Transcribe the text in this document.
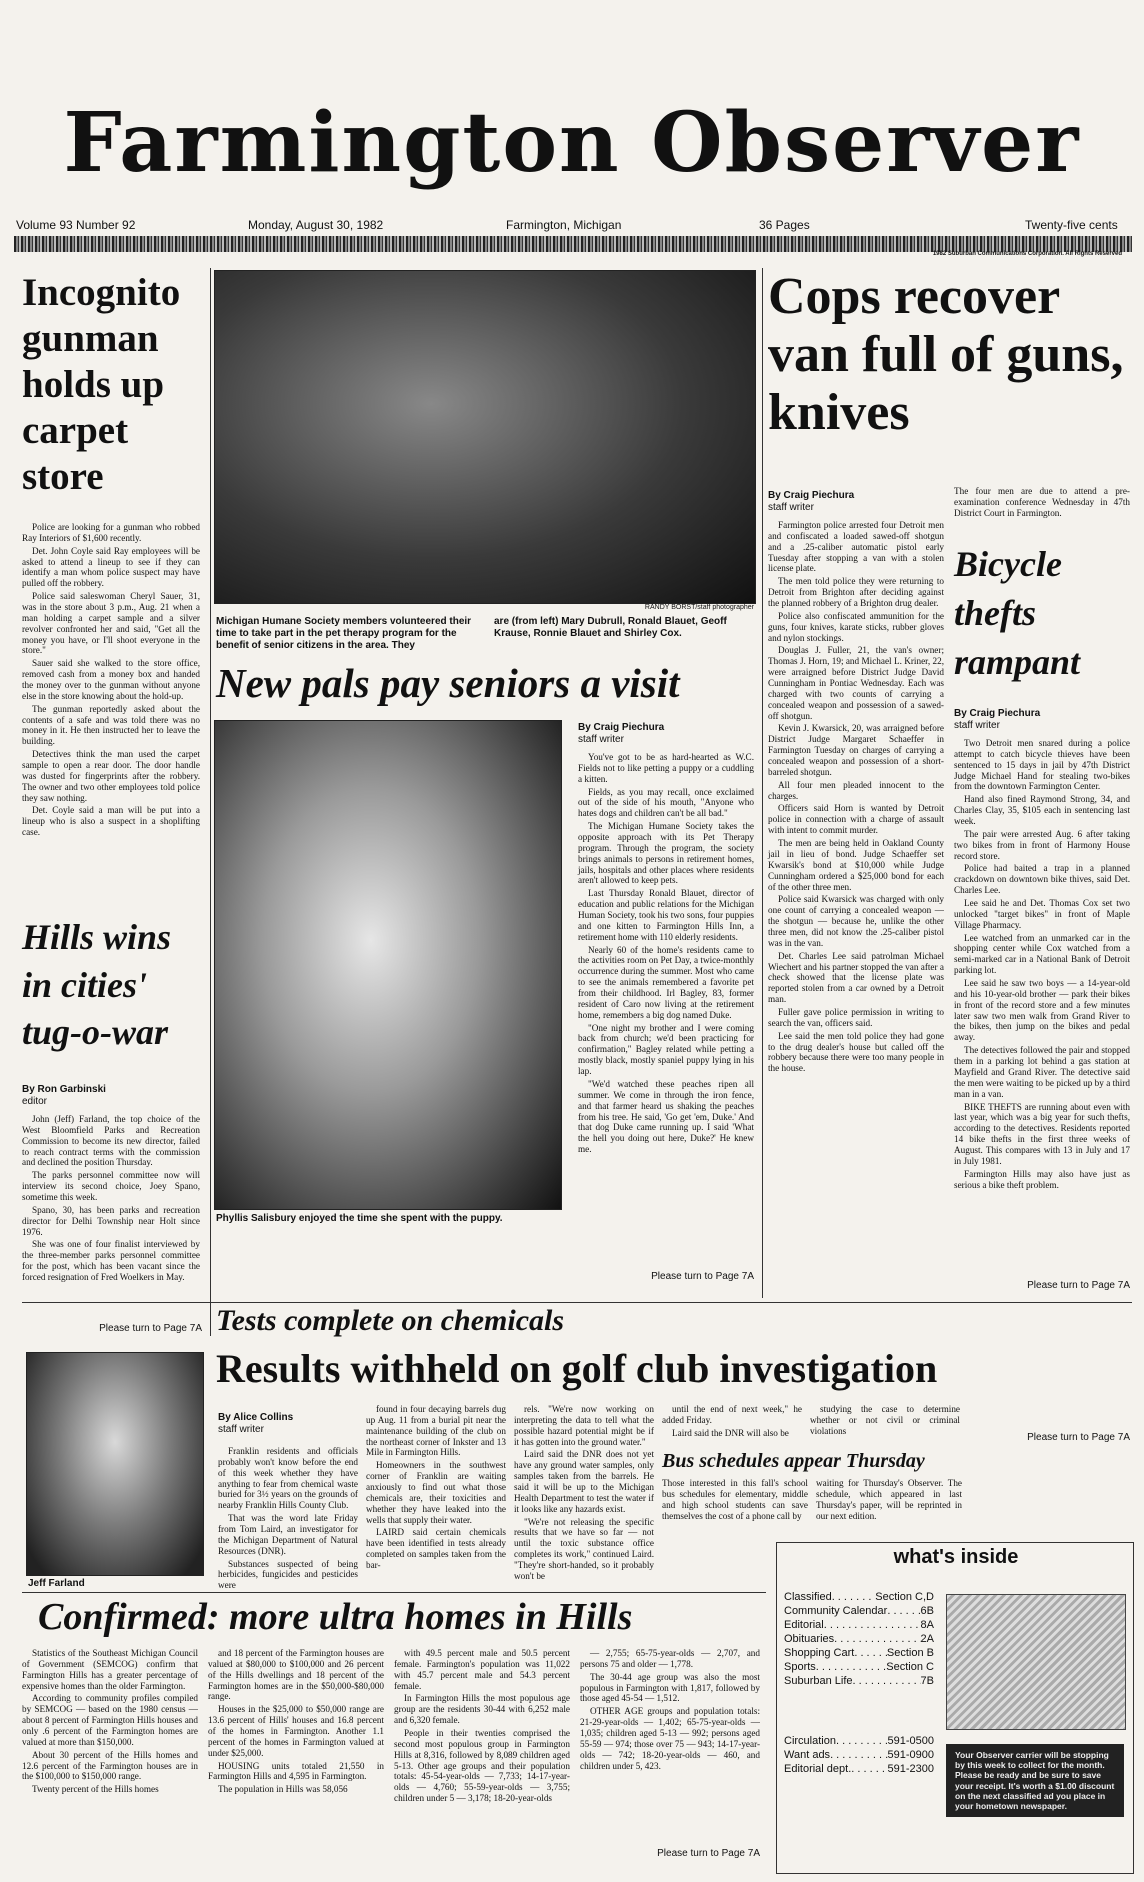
Farmington Observer
Volume 93 Number 92	Monday, August 30, 1982	Farmington, Michigan	36 Pages	Twenty-five cents
1982 Suburban Communications Corporation. All Rights Reserved
Incognito gunman holds up carpet store

Police are looking for a gunman who robbed Ray Interiors of $1,600 recently.

Det. John Coyle said Ray employees will be asked to attend a lineup to see if they can identify a man whom police suspect may have pulled off the robbery.

Police said saleswoman Cheryl Sauer, 31, was in the store about 3 p.m., Aug. 21 when a man holding a carpet sample and a silver revolver confronted her and said, "Get all the money you have, or I'll shoot everyone in the store."

Sauer said she walked to the store office, removed cash from a money box and handed the money over to the gunman without anyone else in the store knowing about the hold-up.

The gunman reportedly asked about the contents of a safe and was told there was no money in it. He then instructed her to leave the building.

Detectives think the man used the carpet sample to open a rear door. The door handle was dusted for fingerprints after the robbery. The owner and two other employees told police they saw nothing.

Det. Coyle said a man will be put into a lineup who is also a suspect in a shoplifting case.

Hills wins in cities' tug-o-war
By Ron Garbinski
editor

John (Jeff) Farland, the top choice of the West Bloomfield Parks and Recreation Commission to become its new director, failed to reach contract terms with the commission and declined the position Thursday.

The parks personnel committee now will interview its second choice, Joey Spano, sometime this week.

Spano, 30, has been parks and recreation director for Delhi Township near Holt since 1976.

She was one of four finalist interviewed by the three-member parks personnel committee for the post, which has been vacant since the forced resignation of Fred Woelkers in May.

Please turn to Page 7A
RANDY BORST/staff photographer
Michigan Humane Society members volunteered their time to take part in the pet therapy program for the benefit of senior citizens in the area. They
are (from left) Mary Dubrull, Ronald Blauet, Geoff Krause, Ronnie Blauet and Shirley Cox.
New pals pay seniors a visit
Phyllis Salisbury enjoyed the time she spent with the puppy.
By Craig Piechura
staff writer

You've got to be as hard-hearted as W.C. Fields not to like petting a puppy or a cuddling a kitten.

Fields, as you may recall, once exclaimed out of the side of his mouth, "Anyone who hates dogs and children can't be all bad."

The Michigan Humane Society takes the opposite approach with its Pet Therapy program. Through the program, the society brings animals to persons in retirement homes, jails, hospitals and other places where residents aren't allowed to keep pets.

Last Thursday Ronald Blauet, director of education and public relations for the Michigan Human Society, took his two sons, four puppies and one kitten to Farmington Hills Inn, a retirement home with 110 elderly residents.

Nearly 60 of the home's residents came to the activities room on Pet Day, a twice-monthly occurrence during the summer. Most who came to see the animals remembered a favorite pet from their childhood. Irl Bagley, 83, former resident of Caro now living at the retirement home, remembers a big dog named Duke.

"One night my brother and I were coming back from church; we'd been practicing for confirmation," Bagley related while petting a mostly black, mostly spaniel puppy lying in his lap.

"We'd watched these peaches ripen all summer. We come in through the iron fence, and that farmer heard us shaking the peaches from his tree. He said, 'Go get 'em, Duke.' And that dog Duke came running up. I said 'What the hell you doing out here, Duke?' He knew me.

Please turn to Page 7A
Cops recover van full of guns, knives
By Craig Piechura
staff writer

Farmington police arrested four Detroit men and confiscated a loaded sawed-off shotgun and a .25-caliber automatic pistol early Tuesday after stopping a van with a stolen license plate.

The men told police they were returning to Detroit from Brighton after deciding against the planned robbery of a Brighton drug dealer.

Police also confiscated ammunition for the guns, four knives, karate sticks, rubber gloves and nylon stockings.

Douglas J. Fuller, 21, the van's owner; Thomas J. Horn, 19; and Michael L. Kriner, 22, were arraigned before District Judge David Cunningham in Pontiac Wednesday. Each was charged with two counts of carrying a concealed weapon and possession of a sawed-off shotgun.

Kevin J. Kwarsick, 20, was arraigned before District Judge Margaret Schaeffer in Farmington Tuesday on charges of carrying a concealed weapon and possession of a short-barreled shotgun.

All four men pleaded innocent to the charges.

Officers said Horn is wanted by Detroit police in connection with a charge of assault with intent to commit murder.

The men are being held in Oakland County jail in lieu of bond. Judge Schaeffer set Kwarsik's bond at $10,000 while Judge Cunningham ordered a $25,000 bond for each of the other three men.

Police said Kwarsick was charged with only one count of carrying a concealed weapon — the shotgun — because he, unlike the other three men, did not know the .25-caliber pistol was in the van.

Det. Charles Lee said patrolman Michael Wiechert and his partner stopped the van after a check showed that the license plate was reported stolen from a car owned by a Detroit man.

Fuller gave police permission in writing to search the van, officers said.

Lee said the men told police they had gone to the drug dealer's house but called off the robbery because there were too many people in the house.

The four men are due to attend a pre-examination conference Wednesday in 47th District Court in Farmington.
Bicycle thefts rampant
By Craig Piechura
staff writer

Two Detroit men snared during a police attempt to catch bicycle thieves have been sentenced to 15 days in jail by 47th District Judge Michael Hand for stealing two-bikes from the downtown Farmington Center.

Hand also fined Raymond Strong, 34, and Charles Clay, 35, $105 each in sentencing last week.

The pair were arrested Aug. 6 after taking two bikes from in front of Harmony House record store.

Police had baited a trap in a planned crackdown on downtown bike thives, said Det. Charles Lee.

Lee said he and Det. Thomas Cox set two unlocked "target bikes" in front of Maple Village Pharmacy.

Lee watched from an unmarked car in the shopping center while Cox watched from a semi-marked car in a National Bank of Detroit parking lot.

Lee said he saw two boys — a 14-year-old and his 10-year-old brother — park their bikes in front of the record store and a few minutes later saw two men walk from Grand River to the bikes, then jump on the bikes and pedal away.

The detectives followed the pair and stopped them in a parking lot behind a gas station at Mayfield and Grand River. The detective said the men were waiting to be picked up by a third man in a van.

BIKE THEFTS are running about even with last year, which was a big year for such thefts, according to the detectives. Residents reported 14 bike thefts in the first three weeks of August. This compares with 13 in July and 17 in July 1981.

Farmington Hills may also have just as serious a bike theft problem.

Please turn to Page 7A
Tests complete on chemicals
Results withheld on golf club investigation
Jeff Farland
By Alice Collins
staff writer

Franklin residents and officials probably won't know before the end of this week whether they have anything to fear from chemical waste buried for 3½ years on the grounds of nearby Franklin Hills County Club.

That was the word late Friday from Tom Laird, an investigator for the Michigan Department of Natural Resources (DNR).

Substances suspected of being herbicides, fungicides and pesticides were

found in four decaying barrels dug up Aug. 11 from a burial pit near the maintenance building of the club on the northeast corner of Inkster and 13 Mile in Farmington Hills.

Homeowners in the southwest corner of Franklin are waiting anxiously to find out what those chemicals are, their toxicities and whether they have leaked into the wells that supply their water.

LAIRD said certain chemicals have been identified in tests already completed on samples taken from the bar-

rels. "We're now working on interpreting the data to tell what the possible hazard potential might be if it has gotten into the ground water."

Laird said the DNR does not yet have any ground water samples, only samples taken from the barrels. He said it will be up to the Michigan Health Department to test the water if it looks like any hazards exist.

"We're not releasing the specific results that we have so far — not until the toxic substance office completes its work," continued Laird. "They're short-handed, so it probably won't be

until the end of next week," he added Friday.

Laird said the DNR will also be

studying the case to determine whether or not civil or criminal violations

Please turn to Page 7A
Bus schedules appear Thursday
Those interested in this fall's school bus schedules for elementary, middle and high school students can save themselves the cost of a phone call by
waiting for Thursday's Observer. The schedule, which appeared in last Thursday's paper, will be reprinted in our next edition.
Confirmed: more ultra homes in Hills

Statistics of the Southeast Michigan Council of Government (SEMCOG) confirm that Farmington Hills has a greater percentage of expensive homes than the older Farmington.

According to community profiles compiled by SEMCOG — based on the 1980 census — about 8 percent of Farmington Hills houses and only .6 percent of the Farmington homes are valued at more than $150,000.

About 30 percent of the Hills homes and 12.6 percent of the Farmington houses are in the $100,000 to $150,000 range.

Twenty percent of the Hills homes

and 18 percent of the Farmington houses are valued at $80,000 to $100,000 and 26 percent of the Hills dwellings and 18 percent of the Farmington homes are in the $50,000-$80,000 range.

Houses in the $25,000 to $50,000 range are 13.6 percent of Hills' houses and 16.8 percent of the homes in Farmington. Another 1.1 percent of the homes in Farmington valued at under $25,000.

HOUSING units totaled 21,550 in Farmington Hills and 4,595 in Farmington.

The population in Hills was 58,056

with 49.5 percent male and 50.5 percent female. Farmington's population was 11,022 with 45.7 percent male and 54.3 percent female.

In Farmington Hills the most populous age group are the residents 30-44 with 6,252 male and 6,320 female.

People in their twenties comprised the second most populous group in Farmington Hills at 8,316, followed by 8,089 children aged 5-13. Other age groups and their population totals: 45-54-year-olds — 7,733; 14-17-year-olds — 4,760; 55-59-year-olds — 3,755; children under 5 — 3,178; 18-20-year-olds

— 2,755; 65-75-year-olds — 2,707, and persons 75 and older — 1,778.

The 30-44 age group was also the most populous in Farmington with 1,817, followed by those aged 45-54 — 1,512.

OTHER AGE groups and population totals: 21-29-year-olds — 1,402; 65-75-year-olds — 1,035; children aged 5-13 — 992; persons aged 55-59 — 974; those over 75 — 943; 14-17-year-olds — 742; 18-20-year-olds — 460, and children under 5, 423.

Please turn to Page 7A
what's inside
Classified . . .	Section C,D
Community Calendar . . .	6B
Editorial . . .	8A
Obituaries . . .	2A
Shopping Cart . . .	Section B
Sports . . .	Section C
Suburban Life . . .	7B
Circulation . . .	591-0500
Want ads . . .	591-0900
Editorial dept. . . .	591-2300
Your Observer carrier will be stopping by this week to collect for the month. Please be ready and be sure to save your receipt. It's worth a $1.00 discount on the next classified ad you place in your hometown newspaper.
